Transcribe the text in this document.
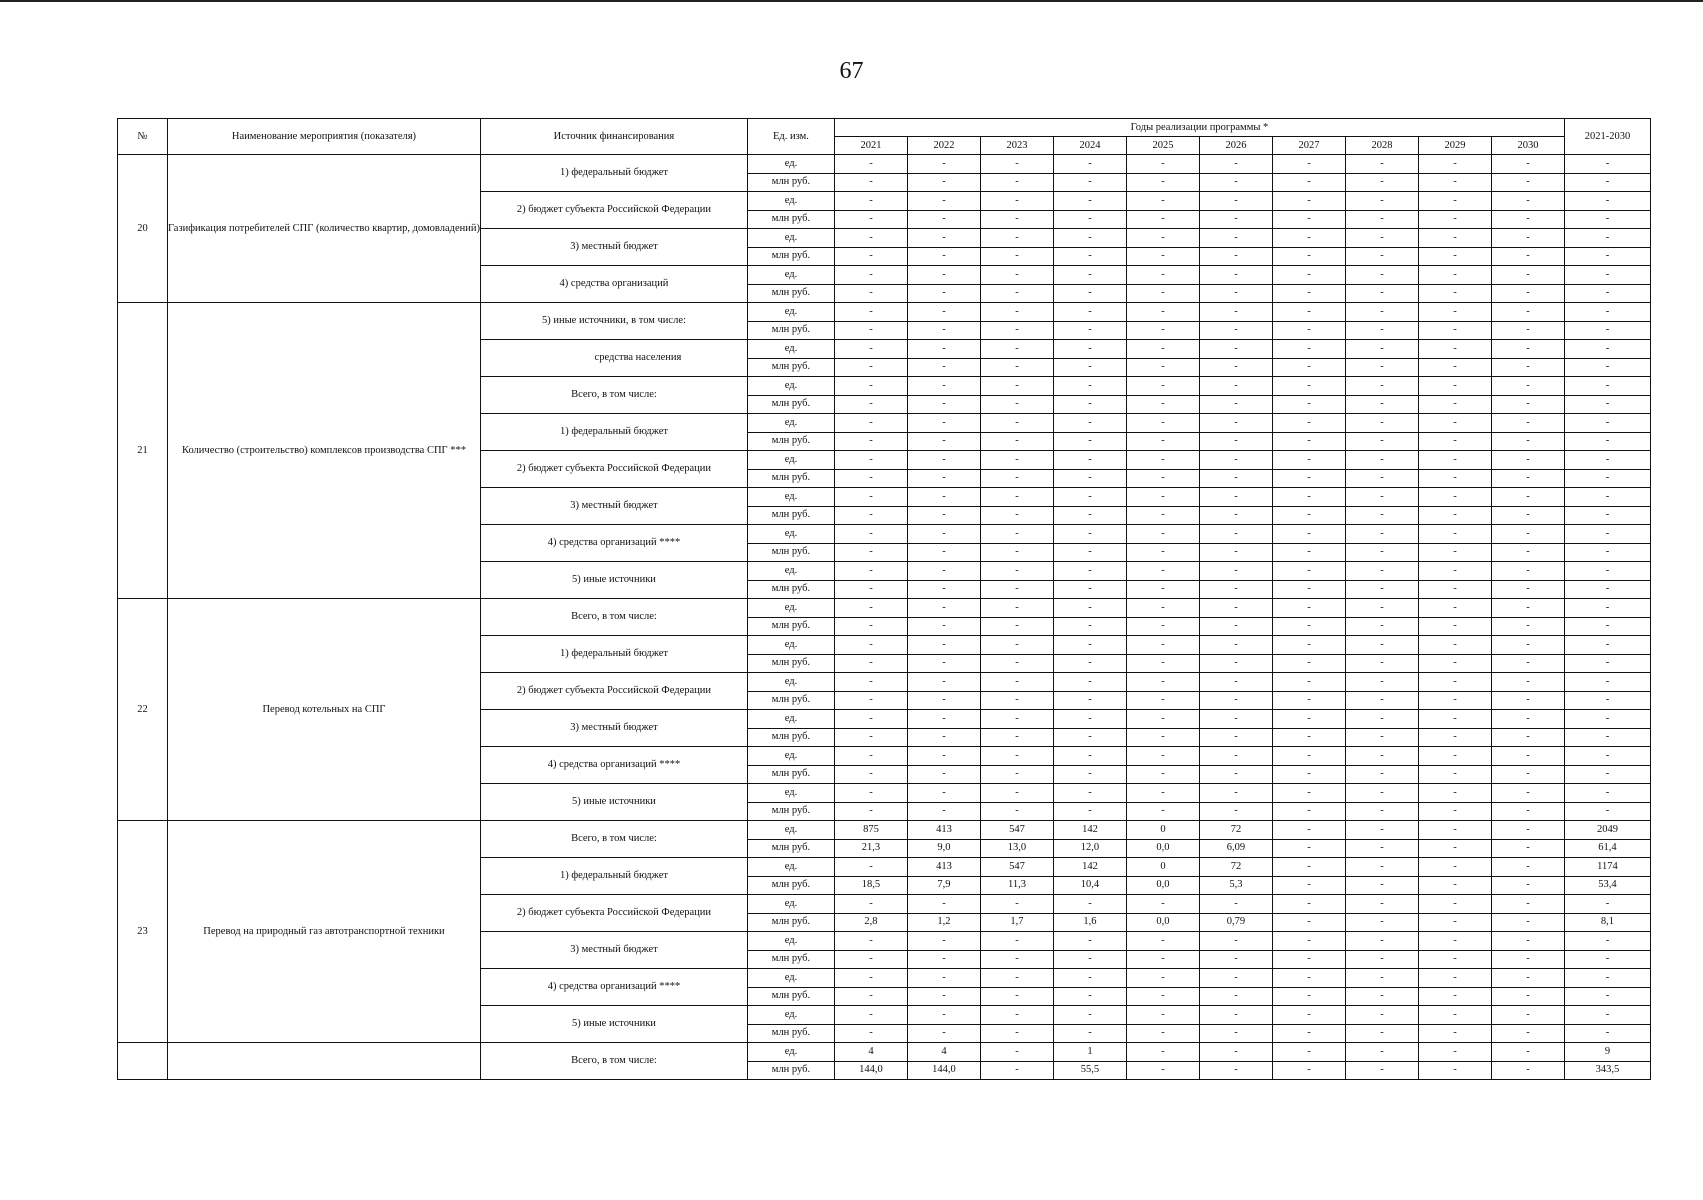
67
№	Наименование мероприятия (показателя)	Источник финансирования	Ед. изм.	Годы реализации программы *										2021-2030
				2021	2022	2023	2024	2025	2026	2027	2028	2029	2030	
20	Газификация потребителей СПГ (количество квартир, домовладений)	1) федеральный бюджет	ед.	-	-	-	-	-	-	-	-	-	-	-
			млн руб.	-	-	-	-	-	-	-	-	-	-	-
		2) бюджет субъекта Российской Федерации	ед.	-	-	-	-	-	-	-	-	-	-	-
			млн руб.	-	-	-	-	-	-	-	-	-	-	-
		3) местный бюджет	ед.	-	-	-	-	-	-	-	-	-	-	-
			млн руб.	-	-	-	-	-	-	-	-	-	-	-
		4) средства организаций	ед.	-	-	-	-	-	-	-	-	-	-	-
			млн руб.	-	-	-	-	-	-	-	-	-	-	-
21	Количество (строительство) комплексов производства СПГ ***	5) иные источники, в том числе:	ед.	-	-	-	-	-	-	-	-	-	-	-
			млн руб.	-	-	-	-	-	-	-	-	-	-	-
		средства населения	ед.	-	-	-	-	-	-	-	-	-	-	-
			млн руб.	-	-	-	-	-	-	-	-	-	-	-
		Всего, в том числе:	ед.	-	-	-	-	-	-	-	-	-	-	-
			млн руб.	-	-	-	-	-	-	-	-	-	-	-
		1) федеральный бюджет	ед.	-	-	-	-	-	-	-	-	-	-	-
			млн руб.	-	-	-	-	-	-	-	-	-	-	-
		2) бюджет субъекта Российской Федерации	ед.	-	-	-	-	-	-	-	-	-	-	-
			млн руб.	-	-	-	-	-	-	-	-	-	-	-
		3) местный бюджет	ед.	-	-	-	-	-	-	-	-	-	-	-
			млн руб.	-	-	-	-	-	-	-	-	-	-	-
		4) средства организаций ****	ед.	-	-	-	-	-	-	-	-	-	-	-
			млн руб.	-	-	-	-	-	-	-	-	-	-	-
		5) иные источники	ед.	-	-	-	-	-	-	-	-	-	-	-
			млн руб.	-	-	-	-	-	-	-	-	-	-	-
22	Перевод котельных на СПГ	Всего, в том числе:	ед.	-	-	-	-	-	-	-	-	-	-	-
			млн руб.	-	-	-	-	-	-	-	-	-	-	-
		1) федеральный бюджет	ед.	-	-	-	-	-	-	-	-	-	-	-
			млн руб.	-	-	-	-	-	-	-	-	-	-	-
		2) бюджет субъекта Российской Федерации	ед.	-	-	-	-	-	-	-	-	-	-	-
			млн руб.	-	-	-	-	-	-	-	-	-	-	-
		3) местный бюджет	ед.	-	-	-	-	-	-	-	-	-	-	-
			млн руб.	-	-	-	-	-	-	-	-	-	-	-
		4) средства организаций ****	ед.	-	-	-	-	-	-	-	-	-	-	-
			млн руб.	-	-	-	-	-	-	-	-	-	-	-
		5) иные источники	ед.	-	-	-	-	-	-	-	-	-	-	-
			млн руб.	-	-	-	-	-	-	-	-	-	-	-
23	Перевод на природный газ автотранспортной техники	Всего, в том числе:	ед.	875	413	547	142	0	72	-	-	-	-	2049
			млн руб.	21,3	9,0	13,0	12,0	0,0	6,09	-	-	-	-	61,4
		1) федеральный бюджет	ед.	-	413	547	142	0	72	-	-	-	-	1174
			млн руб.	18,5	7,9	11,3	10,4	0,0	5,3	-	-	-	-	53,4
		2) бюджет субъекта Российской Федерации	ед.	-	-	-	-	-	-	-	-	-	-	-
			млн руб.	2,8	1,2	1,7	1,6	0,0	0,79	-	-	-	-	8,1
		3) местный бюджет	ед.	-	-	-	-	-	-	-	-	-	-	-
			млн руб.	-	-	-	-	-	-	-	-	-	-	-
		4) средства организаций ****	ед.	-	-	-	-	-	-	-	-	-	-	-
			млн руб.	-	-	-	-	-	-	-	-	-	-	-
		5) иные источники	ед.	-	-	-	-	-	-	-	-	-	-	-
			млн руб.	-	-	-	-	-	-	-	-	-	-	-
		Всего, в том числе:	ед.	4	4	-	1	-	-	-	-	-	-	9
			млн руб.	144,0	144,0	-	55,5	-	-	-	-	-	-	343,5
